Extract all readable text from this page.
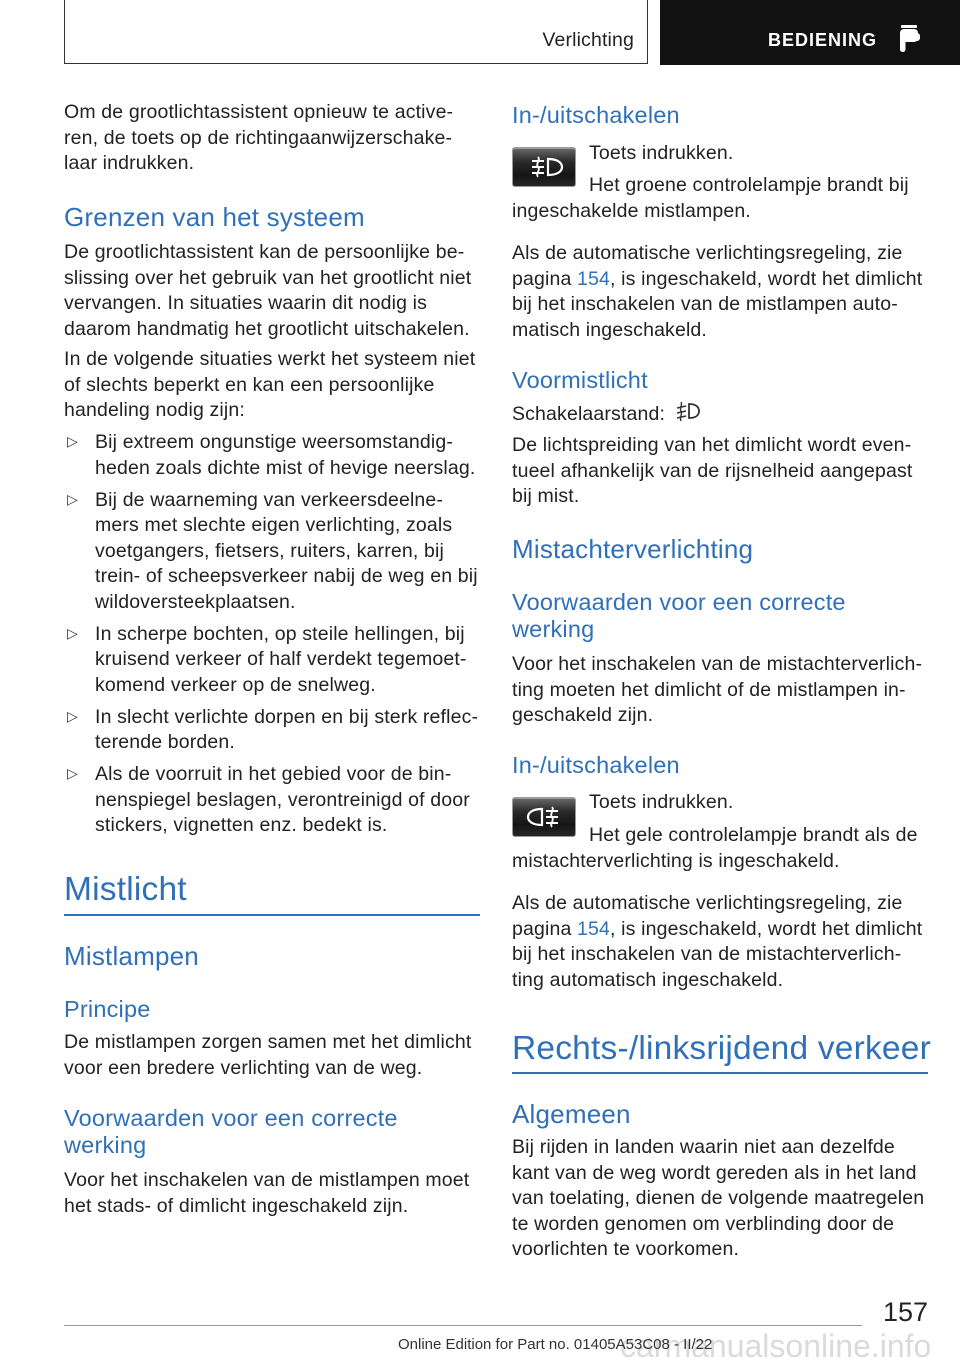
Verlichting	BEDIENING
Om de grootlichtassistent opnieuw te active-
ren, de toets op de richtingaanwijzerschake-
laar indrukken.
Grenzen van het systeem
De grootlichtassistent kan de persoonlijke be-
slissing over het gebruik van het grootlicht niet
vervangen. In situaties waarin dit nodig is
daarom handmatig het grootlicht uitschakelen.
In de volgende situaties werkt het systeem niet
of slechts beperkt en kan een persoonlijke
handeling nodig zijn:
▷ Bij extreem ongunstige weersomstandig-
heden zoals dichte mist of hevige neerslag.
▷ Bij de waarneming van verkeersdeelne-
mers met slechte eigen verlichting, zoals
voetgangers, fietsers, ruiters, karren, bij
trein- of scheepsverkeer nabij de weg en bij
wildoversteekplaatsen.
▷ In scherpe bochten, op steile hellingen, bij
kruisend verkeer of half verdekt tegemoet-
komend verkeer op de snelweg.
▷ In slecht verlichte dorpen en bij sterk reflec-
terende borden.
▷ Als de voorruit in het gebied voor de bin-
nenspiegel beslagen, verontreinigd of door
stickers, vignetten enz. bedekt is.
Mistlicht
Mistlampen
Principe
De mistlampen zorgen samen met het dimlicht
voor een bredere verlichting van de weg.
Voorwaarden voor een correcte
werking
Voor het inschakelen van de mistlampen moet
het stads- of dimlicht ingeschakeld zijn.
In-/uitschakelen
Toets indrukken.
Het groene controlelampje brandt bij
ingeschakelde mistlampen.
Als de automatische verlichtingsregeling, zie
pagina 154, is ingeschakeld, wordt het dimlicht
bij het inschakelen van de mistlampen auto-
matisch ingeschakeld.
Voormistlicht
Schakelaarstand:
De lichtspreiding van het dimlicht wordt even-
tueel afhankelijk van de rijsnelheid aangepast
bij mist.
Mistachterverlichting
Voorwaarden voor een correcte
werking
Voor het inschakelen van de mistachterverlich-
ting moeten het dimlicht of de mistlampen in-
geschakeld zijn.
In-/uitschakelen
Toets indrukken.
Het gele controlelampje brandt als de
mistachterverlichting is ingeschakeld.
Als de automatische verlichtingsregeling, zie
pagina 154, is ingeschakeld, wordt het dimlicht
bij het inschakelen van de mistachterverlich-
ting automatisch ingeschakeld.
Rechts-/linksrijdend verkeer
Algemeen
Bij rijden in landen waarin niet aan dezelfde
kant van de weg wordt gereden als in het land
van toelating, dienen de volgende maatregelen
te worden genomen om verblinding door de
voorlichten te voorkomen.
157
carmanualsonline.info
Online Edition for Part no. 01405A53C08 - II/22
